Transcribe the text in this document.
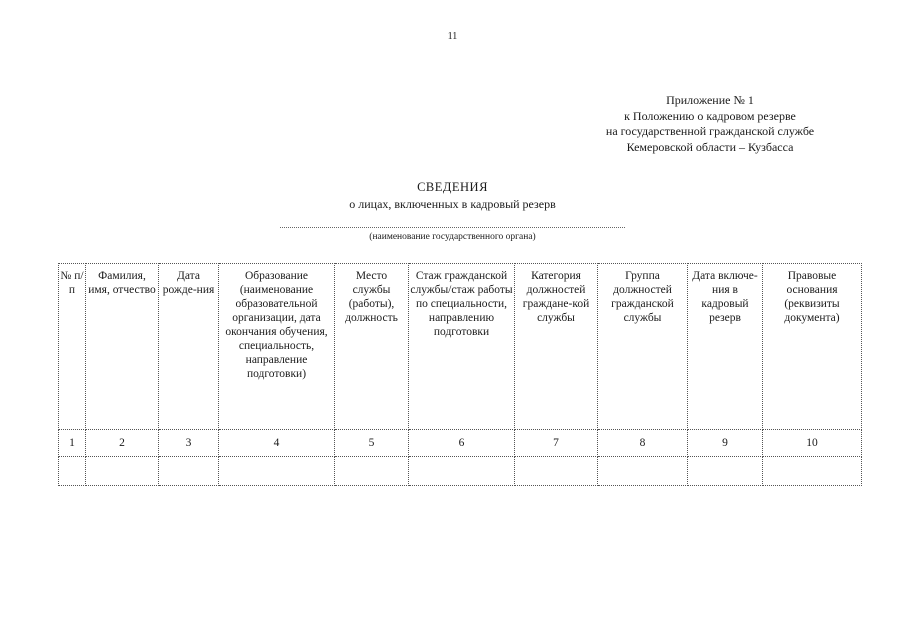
11
Приложение № 1
к Положению о кадровом резерве
на государственной гражданской службе
Кемеровской области – Кузбасса
СВЕДЕНИЯ
о лицах, включенных в кадровый резерв
(наименование государственного органа)
№ п/п	Фамилия, имя, отчество	Дата рожде-ния	Образование (наименование образовательной организации, дата окончания обучения, специальность, направление подготовки)	Место службы (работы), должность	Стаж гражданской службы/стаж работы по специальности, направлению подготовки	Категория должностей граждане-кой службы	Группа должностей гражданской службы	Дата включе-ния в кадровый резерв	Правовые основания (реквизиты документа)
1	2	3	4	5	6	7	8	9	10
